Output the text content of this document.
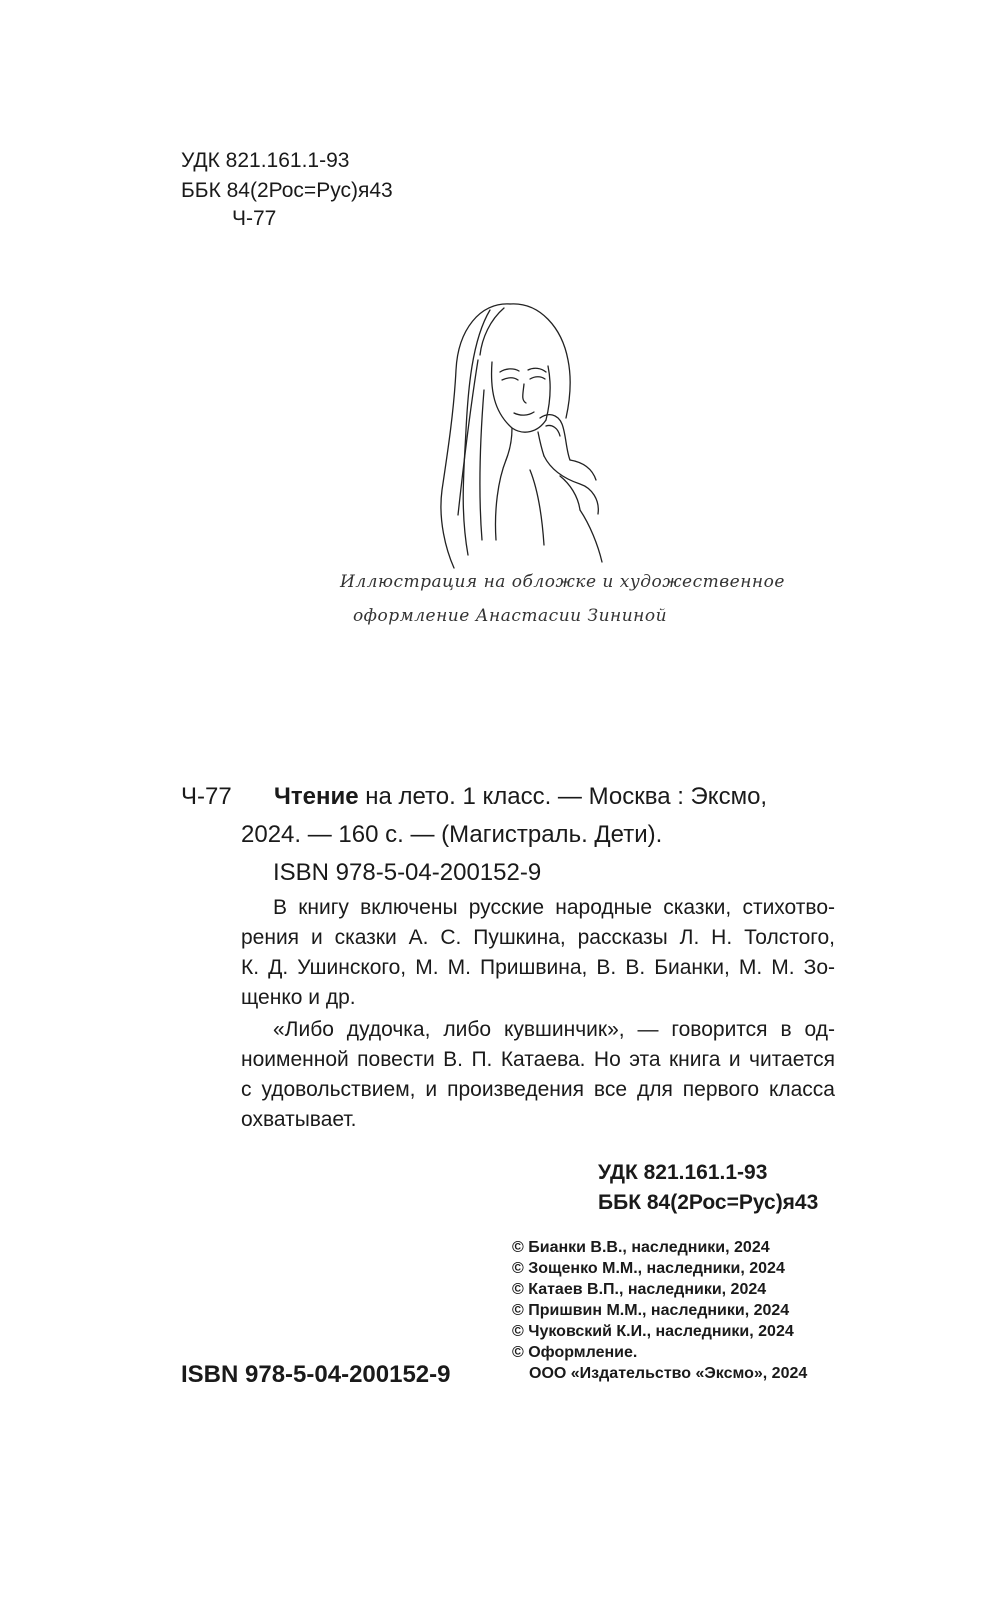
УДК 821.161.1-93
ББК 84(2Рос=Рус)я43
Ч-77
Иллюстрация на обложке и художественное
оформление Анастасии Зининой
Ч-77 Чтение на лето. 1 класс. — Москва : Эксмо,
2024. — 160 с. — (Магистраль. Дети).
ISBN 978-5-04-200152-9
В книгу включены русские народные сказки, стихотво-
рения и сказки А. С. Пушкина, рассказы Л. Н. Толстого,
К. Д. Ушинского, М. М. Пришвина, В. В. Бианки, М. М. Зо-
щенко и др.
«Либо дудочка, либо кувшинчик», — говорится в од-
ноименной повести В. П. Катаева. Но эта книга и читается
с удовольствием, и произведения все для первого класса
охватывает.
УДК 821.161.1-93
ББК 84(2Рос=Рус)я43
© Бианки В.В., наследники, 2024
© Зощенко М.М., наследники, 2024
© Катаев В.П., наследники, 2024
© Пришвин М.М., наследники, 2024
© Чуковский К.И., наследники, 2024
© Оформление.
ООО «Издательство «Эксмо», 2024
ISBN 978-5-04-200152-9
